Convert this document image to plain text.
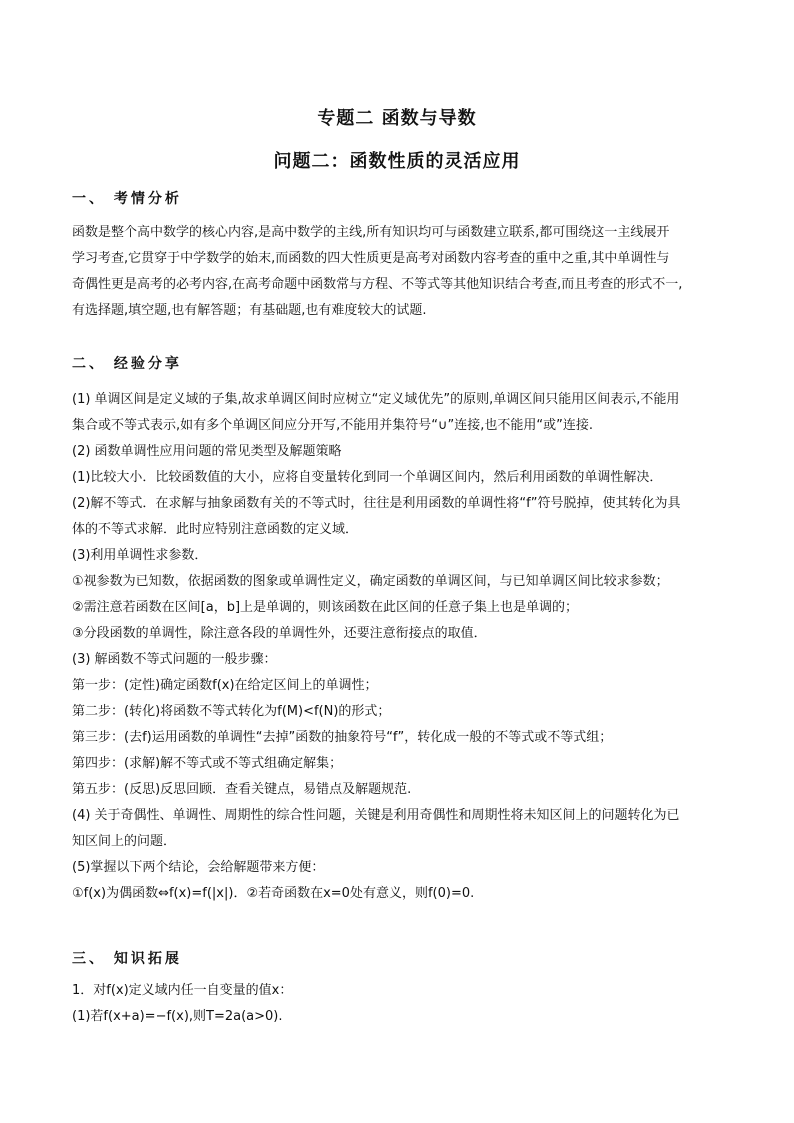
专题二 函数与导数
问题二：函数性质的灵活应用
一、 考情分析

函数是整个高中数学的核心内容,是高中数学的主线,所有知识均可与函数建立联系,都可围绕这一主线展开

学习考查,它贯穿于中学数学的始末,而函数的四大性质更是高考对函数内容考查的重中之重,其中单调性与

奇偶性更是高考的必考内容,在高考命题中函数常与方程、不等式等其他知识结合考查,而且考查的形式不一,

有选择题,填空题,也有解答题；有基础题,也有难度较大的试题.

二、 经验分享

(1) 单调区间是定义域的子集,故求单调区间时应树立“定义域优先”的原则,单调区间只能用区间表示,不能用

集合或不等式表示,如有多个单调区间应分开写,不能用并集符号“∪”连接,也不能用“或”连接.

(2) 函数单调性应用问题的常见类型及解题策略

(1)比较大小．比较函数值的大小，应将自变量转化到同一个单调区间内，然后利用函数的单调性解决．

(2)解不等式．在求解与抽象函数有关的不等式时，往往是利用函数的单调性将“f”符号脱掉，使其转化为具

体的不等式求解．此时应特别注意函数的定义域．

(3)利用单调性求参数．

①视参数为已知数，依据函数的图象或单调性定义，确定函数的单调区间，与已知单调区间比较求参数；

②需注意若函数在区间[a，b]上是单调的，则该函数在此区间的任意子集上也是单调的；

③分段函数的单调性，除注意各段的单调性外，还要注意衔接点的取值．

(3) 解函数不等式问题的一般步骤：

第一步：(定性)确定函数f(x)在给定区间上的单调性；

第二步：(转化)将函数不等式转化为f(M)<f(N)的形式；

第三步：(去f)运用函数的单调性“去掉”函数的抽象符号“f”，转化成一般的不等式或不等式组；

第四步：(求解)解不等式或不等式组确定解集；

第五步：(反思)反思回顾．查看关键点，易错点及解题规范.

(4) 关于奇偶性、单调性、周期性的综合性问题，关键是利用奇偶性和周期性将未知区间上的问题转化为已

知区间上的问题．

(5)掌握以下两个结论，会给解题带来方便：

①f(x)为偶函数⇔f(x)=f(|x|)．②若奇函数在x=0处有意义，则f(0)=0.

三、 知识拓展

1．对f(x)定义域内任一自变量的值x：

(1)若f(x+a)=−f(x),则T=2a(a>0).
